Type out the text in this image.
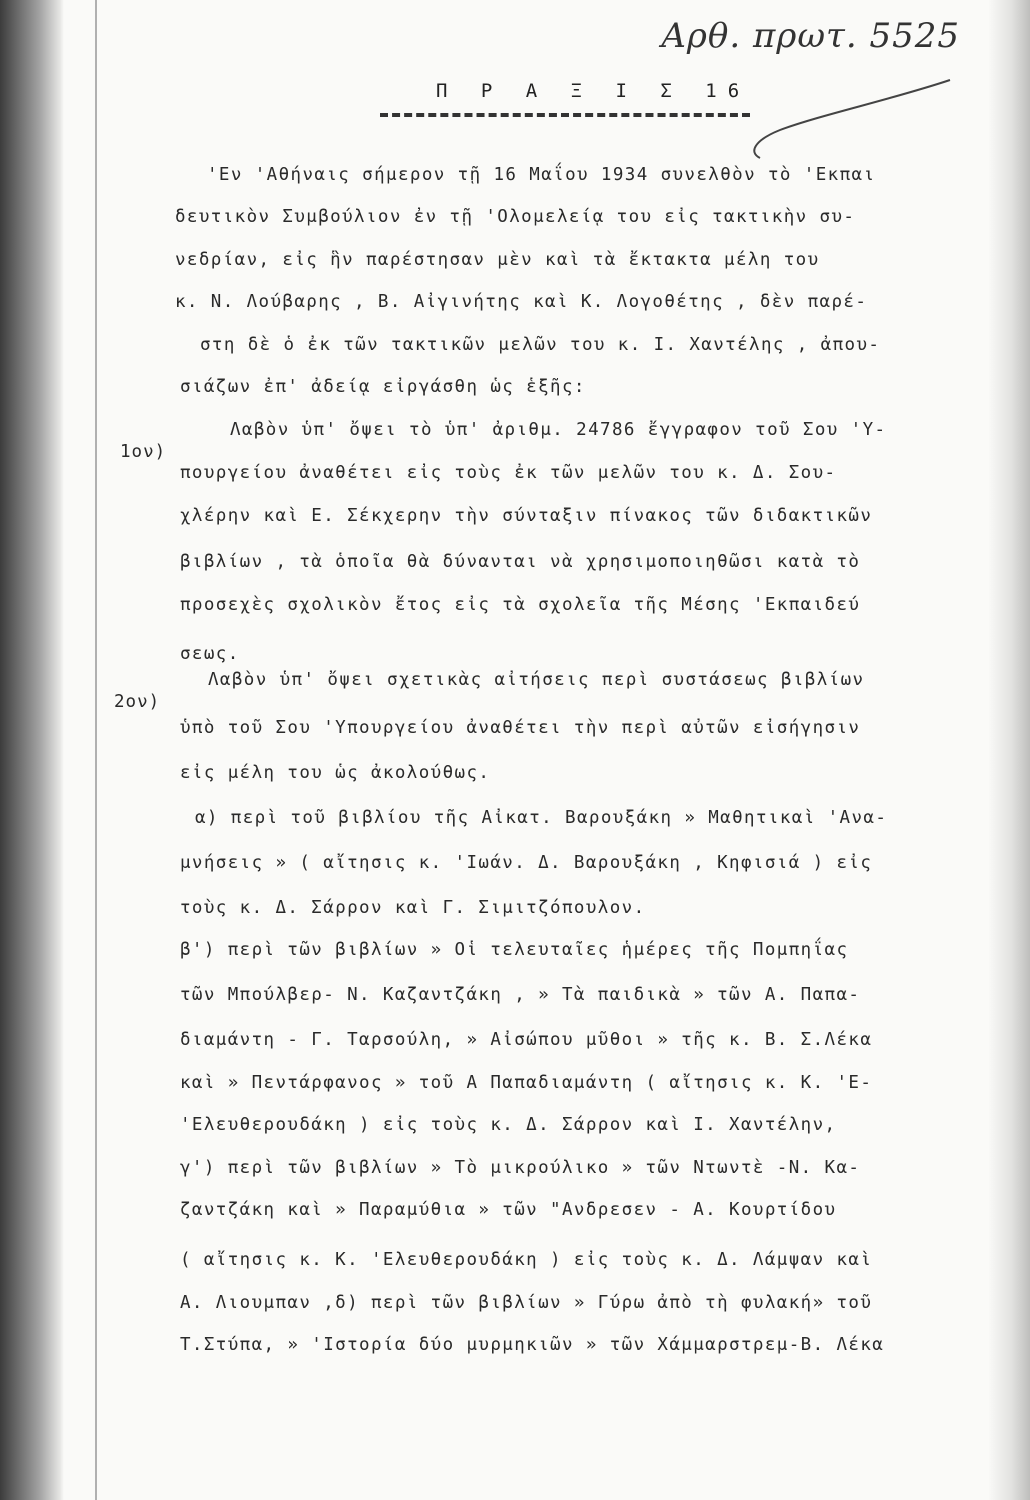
Αρθ. πρωτ. 5525
Π Ρ Α Ξ Ι Σ 16
1ον)
2ον)
'Εν 'Αθήναις σήμερον τῇ 16 Μαΐου 1934 συνελθὸν τὸ 'Εκπαι
δευτικὸν Συμβούλιον ἐν τῇ 'Ολομελείᾳ του εἰς τακτικὴν συ-
νεδρίαν, εἰς ἣν παρέστησαν μὲν καὶ τὰ ἔκτακτα μέλη του
κ. Ν. Λούβαρης , Β. Αἰγινήτης καὶ Κ. Λογοθέτης , δὲν παρέ-
στη δὲ ὁ ἐκ τῶν τακτικῶν μελῶν του κ. Ι. Χαντέλης , ἀπου-
σιάζων ἐπ' ἀδείᾳ εἰργάσθη ὡς ἑξῆς:
Λαβὸν ὑπ' ὄψει τὸ ὑπ' ἀριθμ. 24786 ἔγγραφον τοῦ Σου 'Υ-
πουργείου ἀναθέτει εἰς τοὺς ἐκ τῶν μελῶν του κ. Δ. Σου-
χλέρην καὶ Ε. Σέκχερην τὴν σύνταξιν πίνακος τῶν διδακτικῶν
βιβλίων , τὰ ὁποῖα θὰ δύνανται νὰ χρησιμοποιηθῶσι κατὰ τὸ
προσεχὲς σχολικὸν ἔτος εἰς τὰ σχολεῖα τῆς Μέσης 'Εκπαιδεύ
σεως.
Λαβὸν ὑπ' ὄψει σχετικὰς αἰτήσεις περὶ συστάσεως βιβλίων
ὑπὸ τοῦ Σου 'Υπουργείου ἀναθέτει τὴν περὶ αὐτῶν εἰσήγησιν
εἰς μέλη του ὡς ἀκολούθως.
α) περὶ τοῦ βιβλίου τῆς Αἰκατ. Βαρουξάκη » Μαθητικαὶ 'Ανα-
μνήσεις » ( αἴτησις κ. 'Ιωάν. Δ. Βαρουξάκη , Κηφισιά ) εἰς
τοὺς κ. Δ. Σάρρον καὶ Γ. Σιμιτζόπουλον.
β') περὶ τῶν βιβλίων » Οἱ τελευταῖες ἡμέρες τῆς Πομπηΐας
τῶν Μπούλβερ- Ν. Καζαντζάκη , » Τὰ παιδικὰ » τῶν Α. Παπα-
διαμάντη - Γ. Ταρσούλη, » Αἰσώπου μῦθοι » τῆς κ. Β. Σ.Λέκα
καὶ » Πεντάρφανος » τοῦ Α Παπαδιαμάντη ( αἴτησις κ. Κ. 'Ε-
'Ελευθερουδάκη ) εἰς τοὺς κ. Δ. Σάρρον καὶ Ι. Χαντέλην,
γ') περὶ τῶν βιβλίων » Τὸ μικρούλικο » τῶν Ντωντὲ -Ν. Κα-
ζαντζάκη καὶ » Παραμύθια » τῶν "Ανδρεσεν - Α. Κουρτίδου
( αἴτησις κ. Κ. 'Ελευθερουδάκη ) εἰς τοὺς κ. Δ. Λάμψαν καὶ
Α. Λιουμπαν ,δ) περὶ τῶν βιβλίων » Γύρω ἀπὸ τὴ φυλακή» τοῦ
Τ.Στύπα, » 'Ιστορία δύο μυρμηκιῶν » τῶν Χάμμαρστρεμ-Β. Λέκα
